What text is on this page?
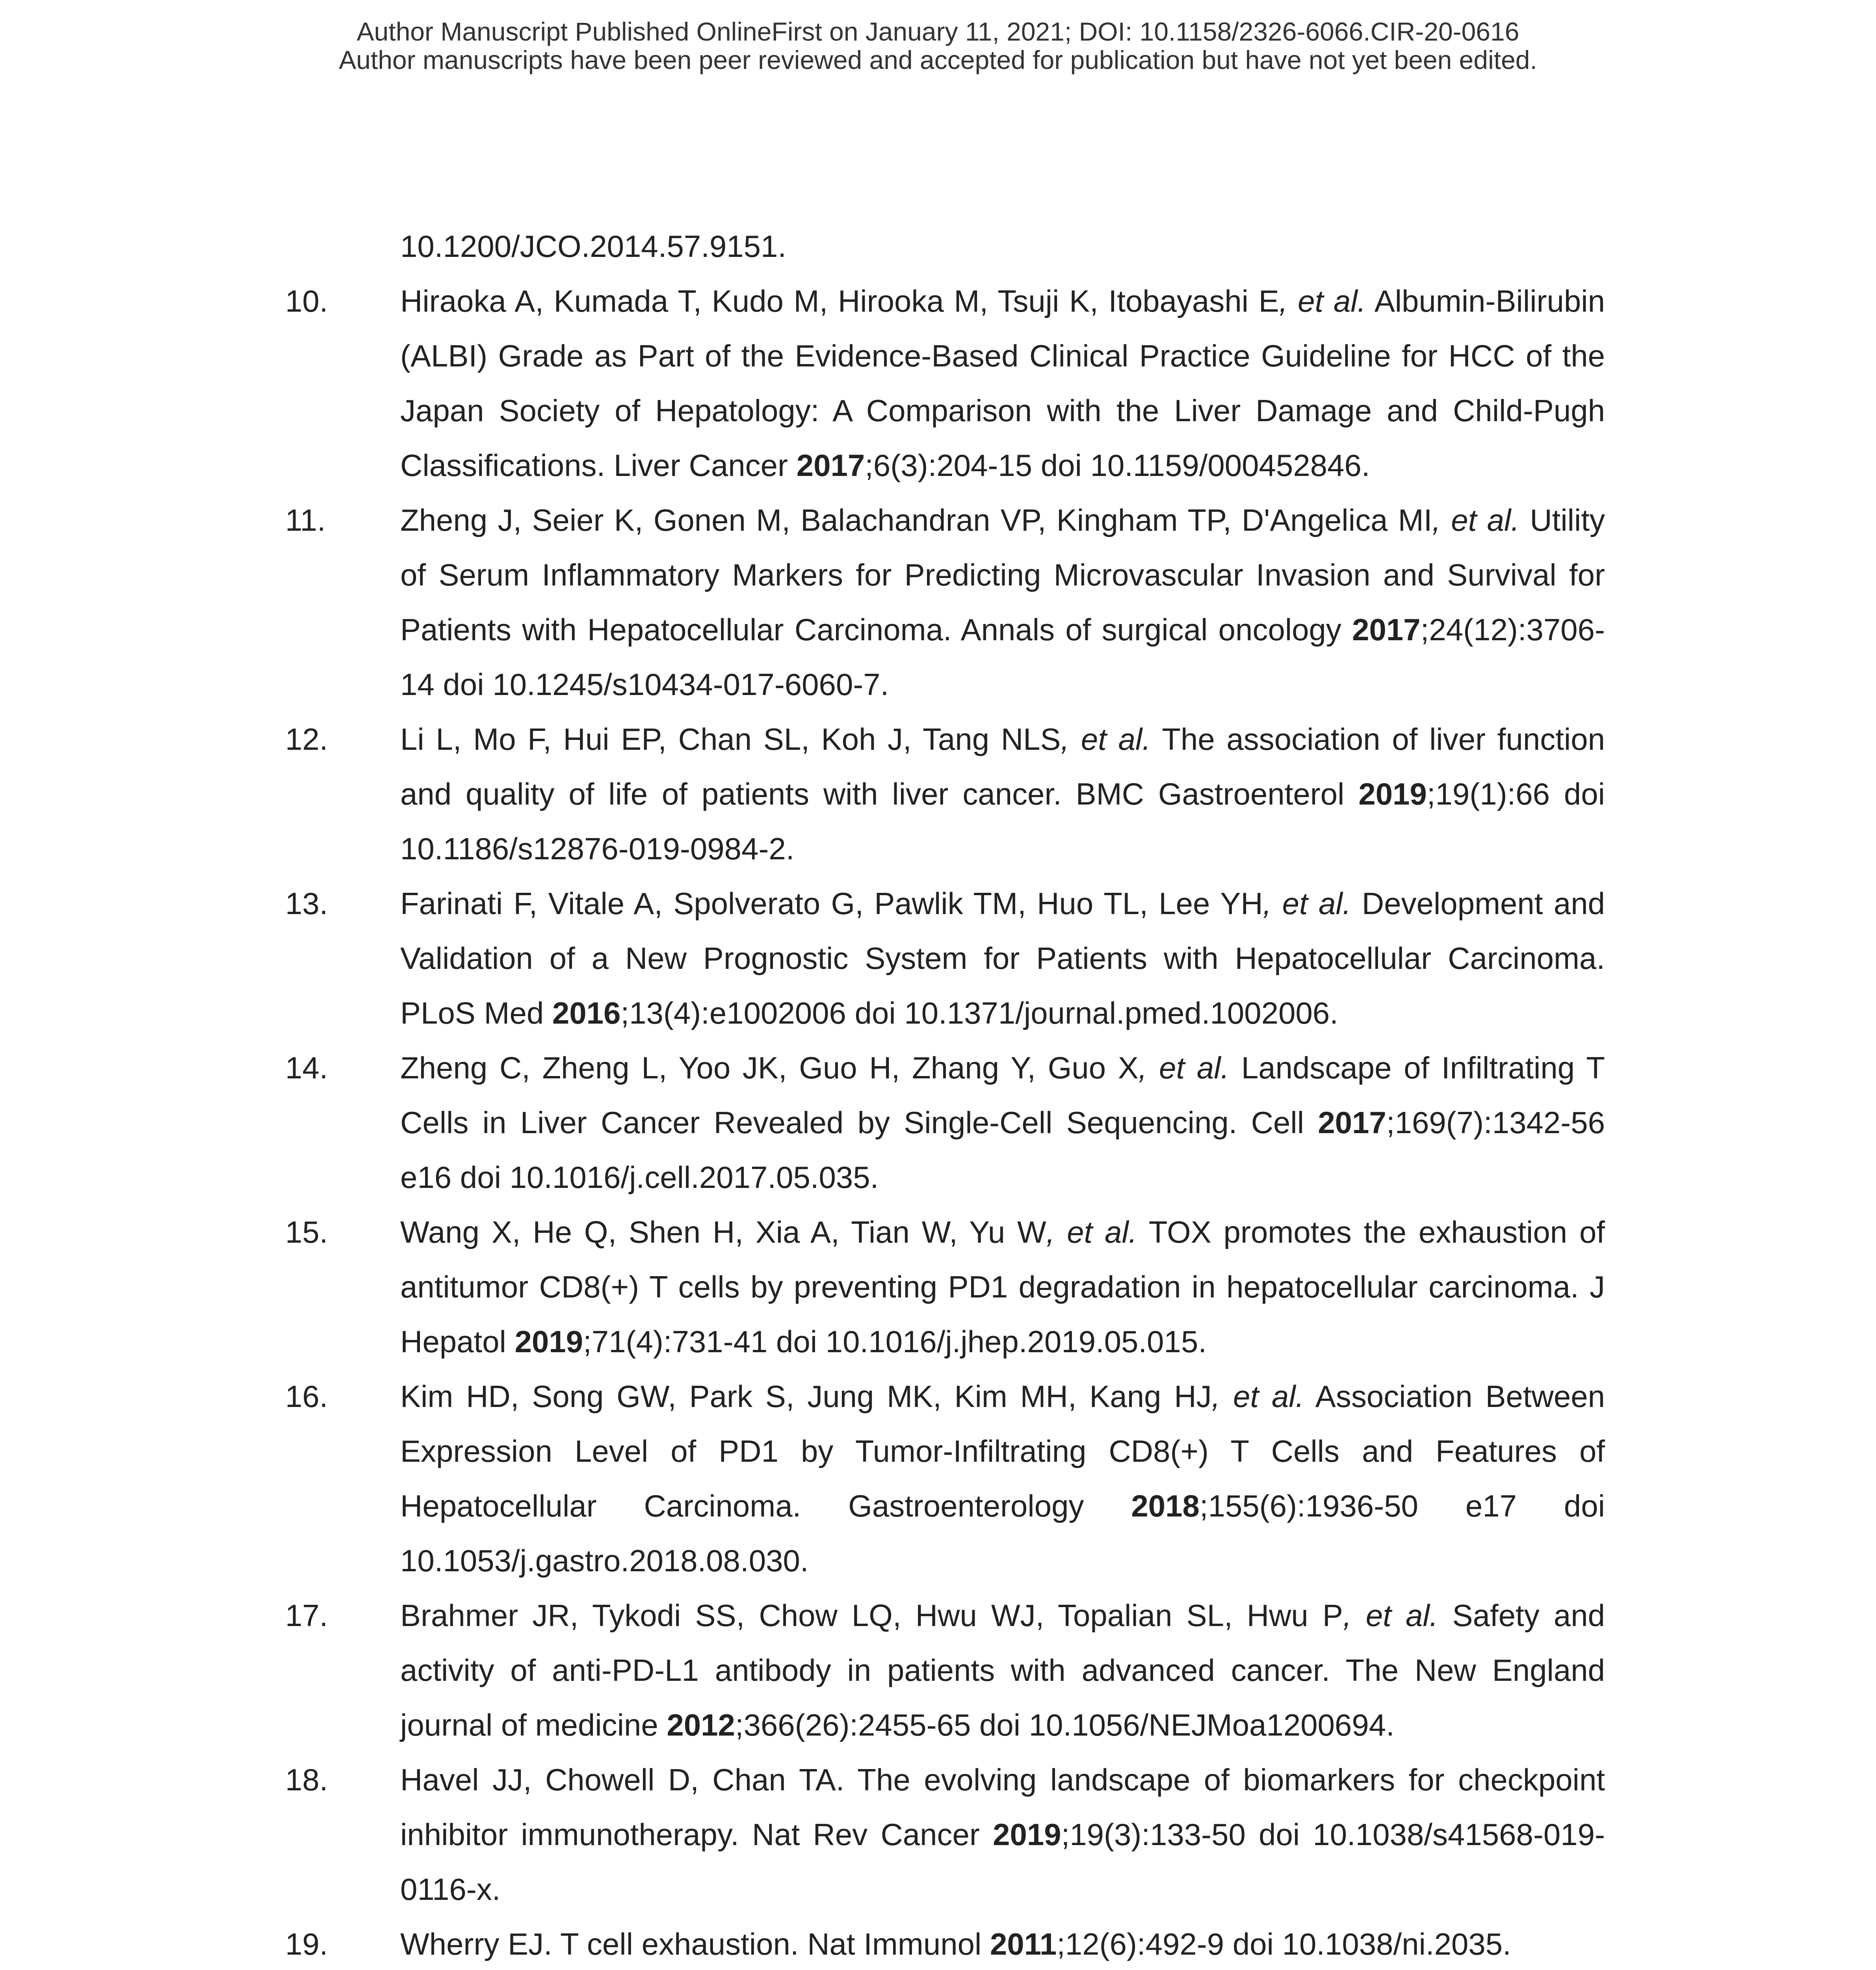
Author Manuscript Published OnlineFirst on January 11, 2021; DOI: 10.1158/2326-6066.CIR-20-0616
Author manuscripts have been peer reviewed and accepted for publication but have not yet been edited.
10.1200/JCO.2014.57.9151.
10. Hiraoka A, Kumada T, Kudo M, Hirooka M, Tsuji K, Itobayashi E, et al. Albumin-Bilirubin (ALBI) Grade as Part of the Evidence-Based Clinical Practice Guideline for HCC of the Japan Society of Hepatology: A Comparison with the Liver Damage and Child-Pugh Classifications. Liver Cancer 2017;6(3):204-15 doi 10.1159/000452846.
11. Zheng J, Seier K, Gonen M, Balachandran VP, Kingham TP, D'Angelica MI, et al. Utility of Serum Inflammatory Markers for Predicting Microvascular Invasion and Survival for Patients with Hepatocellular Carcinoma. Annals of surgical oncology 2017;24(12):3706-14 doi 10.1245/s10434-017-6060-7.
12. Li L, Mo F, Hui EP, Chan SL, Koh J, Tang NLS, et al. The association of liver function and quality of life of patients with liver cancer. BMC Gastroenterol 2019;19(1):66 doi 10.1186/s12876-019-0984-2.
13. Farinati F, Vitale A, Spolverato G, Pawlik TM, Huo TL, Lee YH, et al. Development and Validation of a New Prognostic System for Patients with Hepatocellular Carcinoma. PLoS Med 2016;13(4):e1002006 doi 10.1371/journal.pmed.1002006.
14. Zheng C, Zheng L, Yoo JK, Guo H, Zhang Y, Guo X, et al. Landscape of Infiltrating T Cells in Liver Cancer Revealed by Single-Cell Sequencing. Cell 2017;169(7):1342-56 e16 doi 10.1016/j.cell.2017.05.035.
15. Wang X, He Q, Shen H, Xia A, Tian W, Yu W, et al. TOX promotes the exhaustion of antitumor CD8(+) T cells by preventing PD1 degradation in hepatocellular carcinoma. J Hepatol 2019;71(4):731-41 doi 10.1016/j.jhep.2019.05.015.
16. Kim HD, Song GW, Park S, Jung MK, Kim MH, Kang HJ, et al. Association Between Expression Level of PD1 by Tumor-Infiltrating CD8(+) T Cells and Features of Hepatocellular Carcinoma. Gastroenterology 2018;155(6):1936-50 e17 doi 10.1053/j.gastro.2018.08.030.
17. Brahmer JR, Tykodi SS, Chow LQ, Hwu WJ, Topalian SL, Hwu P, et al. Safety and activity of anti-PD-L1 antibody in patients with advanced cancer. The New England journal of medicine 2012;366(26):2455-65 doi 10.1056/NEJMoa1200694.
18. Havel JJ, Chowell D, Chan TA. The evolving landscape of biomarkers for checkpoint inhibitor immunotherapy. Nat Rev Cancer 2019;19(3):133-50 doi 10.1038/s41568-019-0116-x.
19. Wherry EJ. T cell exhaustion. Nat Immunol 2011;12(6):492-9 doi 10.1038/ni.2035.
